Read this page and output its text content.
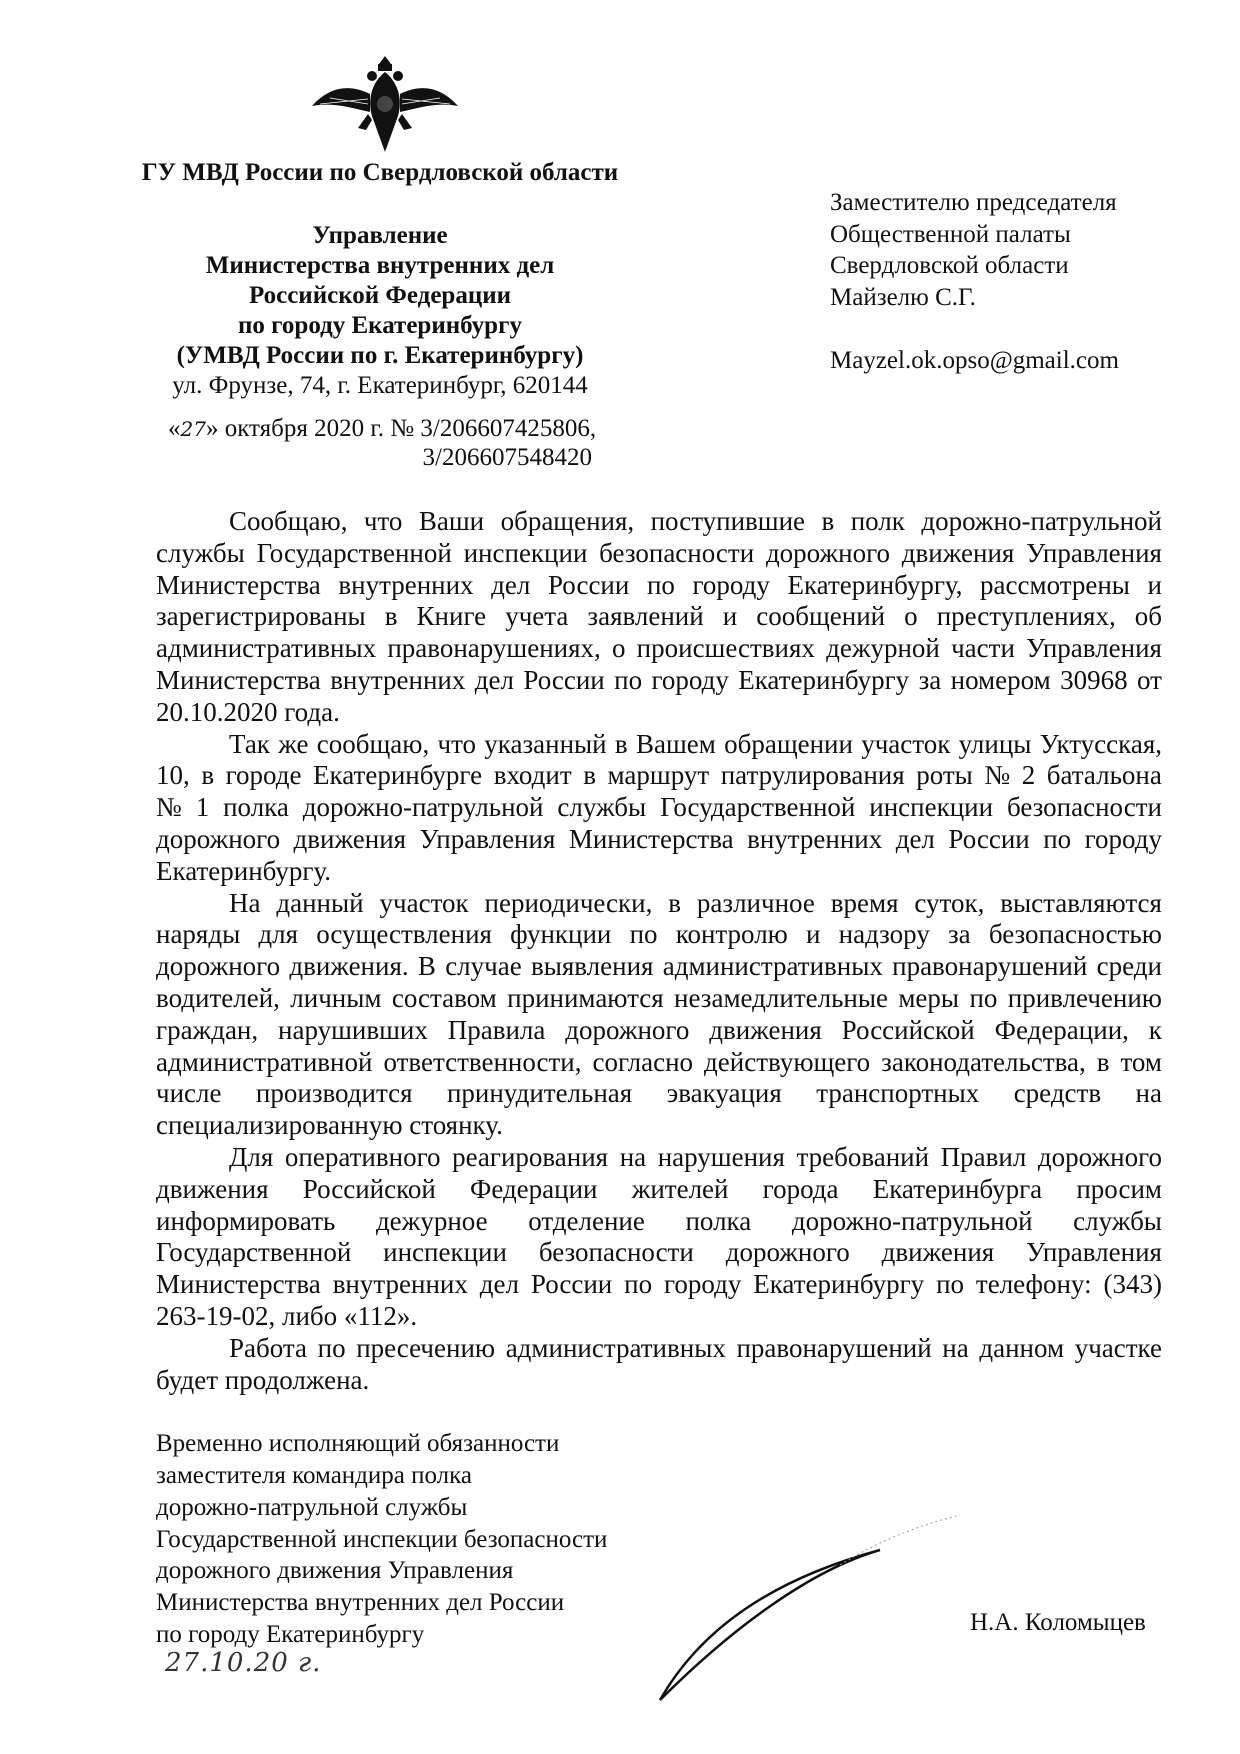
ГУ МВД России по Свердловской области
Управление
Министерства внутренних дел
Российской Федерации
по городу Екатеринбургу
(УМВД России по г. Екатеринбургу)
ул. Фрунзе, 74, г. Екатеринбург, 620144
«27» октября 2020 г. № 3/206607425806,
3/206607548420
Заместителю председателя
Общественной палаты
Свердловской области
Майзелю С.Г.
Mayzel.ok.opso@gmail.com
Сообщаю, что Ваши обращения, поступившие в полк дорожно-патрульной
службы Государственной инспекции безопасности дорожного движения Управления
Министерства внутренних дел России по городу Екатеринбургу, рассмотрены и
зарегистрированы в Книге учета заявлений и сообщений о преступлениях, об
административных правонарушениях, о происшествиях дежурной части Управления
Министерства внутренних дел России по городу Екатеринбургу за номером 30968 от
20.10.2020 года.
Так же сообщаю, что указанный в Вашем обращении участок улицы Уктусская,
10, в городе Екатеринбурге входит в маршрут патрулирования роты № 2 батальона
№ 1 полка дорожно-патрульной службы Государственной инспекции безопасности
дорожного движения Управления Министерства внутренних дел России по городу
Екатеринбургу.
На данный участок периодически, в различное время суток, выставляются
наряды для осуществления функции по контролю и надзору за безопасностью
дорожного движения. В случае выявления административных правонарушений среди
водителей, личным составом принимаются незамедлительные меры по привлечению
граждан, нарушивших Правила дорожного движения Российской Федерации, к
административной ответственности, согласно действующего законодательства, в том
числе производится принудительная эвакуация транспортных средств на
специализированную стоянку.
Для оперативного реагирования на нарушения требований Правил дорожного
движения Российской Федерации жителей города Екатеринбурга просим
информировать дежурное отделение полка дорожно-патрульной службы
Государственной инспекции безопасности дорожного движения Управления
Министерства внутренних дел России по городу Екатеринбургу по телефону: (343)
263-19-02, либо «112».
Работа по пресечению административных правонарушений на данном участке
будет продолжена.
Временно исполняющий обязанности
заместителя командира полка
дорожно-патрульной службы
Государственной инспекции безопасности
дорожного движения Управления
Министерства внутренних дел России
по городу Екатеринбургу	Н.А. Коломыцев
27.10.20 г.
